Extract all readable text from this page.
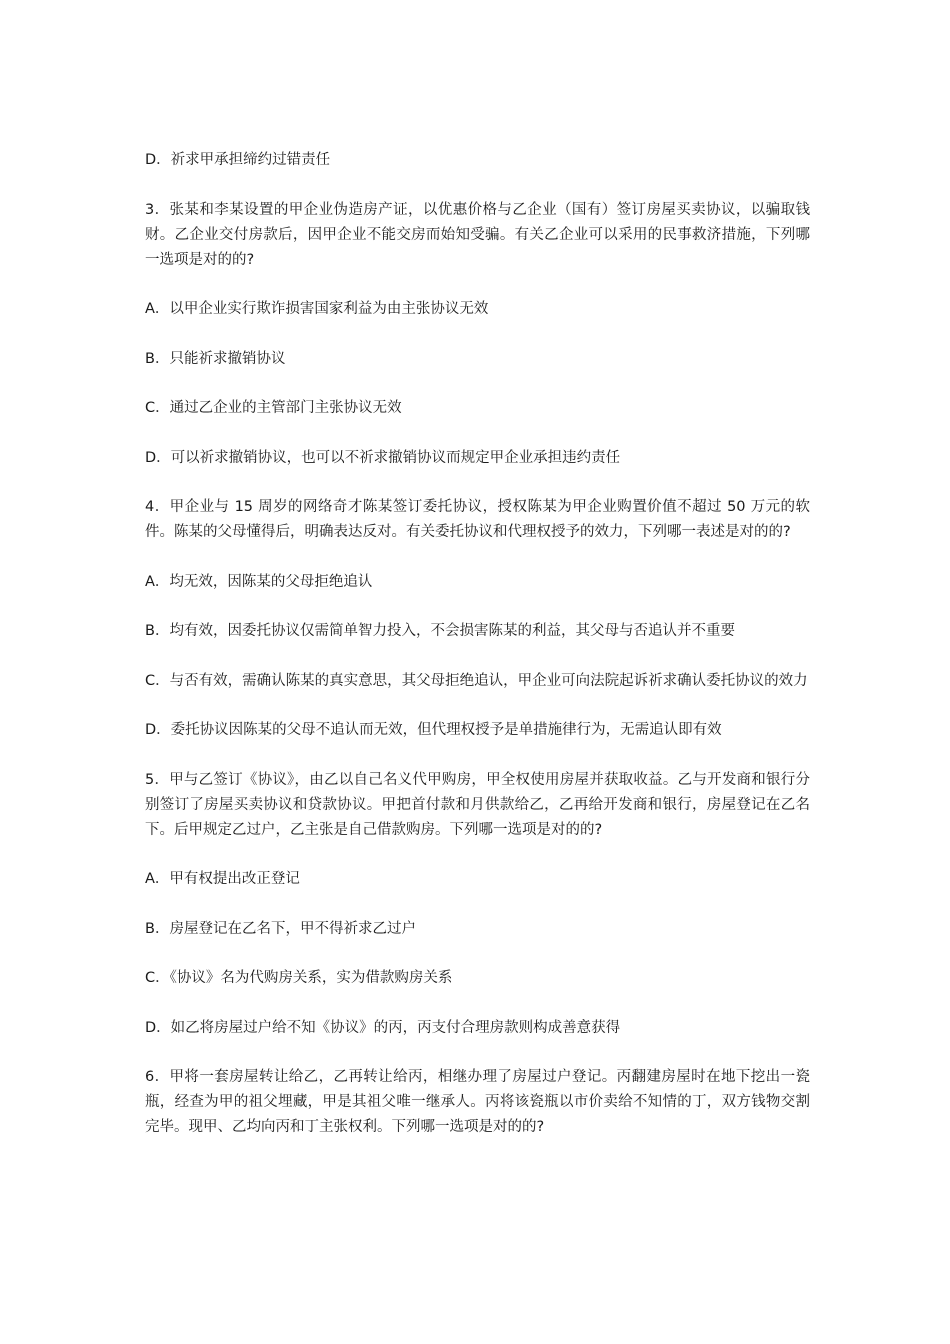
D．祈求甲承担缔约过错责任

3．张某和李某设置的甲企业伪造房产证，以优惠价格与乙企业（国有）签订房屋买卖协议，以骗取钱财。乙企业交付房款后，因甲企业不能交房而始知受骗。有关乙企业可以采用的民事救济措施，下列哪一选项是对的的?

A．以甲企业实行欺诈损害国家利益为由主张协议无效

B．只能祈求撤销协议

C．通过乙企业的主管部门主张协议无效

D．可以祈求撤销协议，也可以不祈求撤销协议而规定甲企业承担违约责任

4．甲企业与 15 周岁的网络奇才陈某签订委托协议，授权陈某为甲企业购置价值不超过 50 万元的软件。陈某的父母懂得后，明确表达反对。有关委托协议和代理权授予的效力，下列哪一表述是对的的?

A．均无效，因陈某的父母拒绝追认

B．均有效，因委托协议仅需简单智力投入，不会损害陈某的利益，其父母与否追认并不重要

C．与否有效，需确认陈某的真实意思，其父母拒绝追认，甲企业可向法院起诉祈求确认委托协议的效力

D．委托协议因陈某的父母不追认而无效，但代理权授予是单措施律行为，无需追认即有效

5．甲与乙签订《协议》，由乙以自己名义代甲购房，甲全权使用房屋并获取收益。乙与开发商和银行分别签订了房屋买卖协议和贷款协议。甲把首付款和月供款给乙，乙再给开发商和银行，房屋登记在乙名下。后甲规定乙过户，乙主张是自己借款购房。下列哪一选项是对的的?

A．甲有权提出改正登记

B．房屋登记在乙名下，甲不得祈求乙过户

C．《协议》名为代购房关系，实为借款购房关系

D．如乙将房屋过户给不知《协议》的丙，丙支付合理房款则构成善意获得

6．甲将一套房屋转让给乙，乙再转让给丙，相继办理了房屋过户登记。丙翻建房屋时在地下挖出一瓷瓶，经查为甲的祖父埋藏，甲是其祖父唯一继承人。丙将该瓷瓶以市价卖给不知情的丁，双方钱物交割完毕。现甲、乙均向丙和丁主张权利。下列哪一选项是对的的?
